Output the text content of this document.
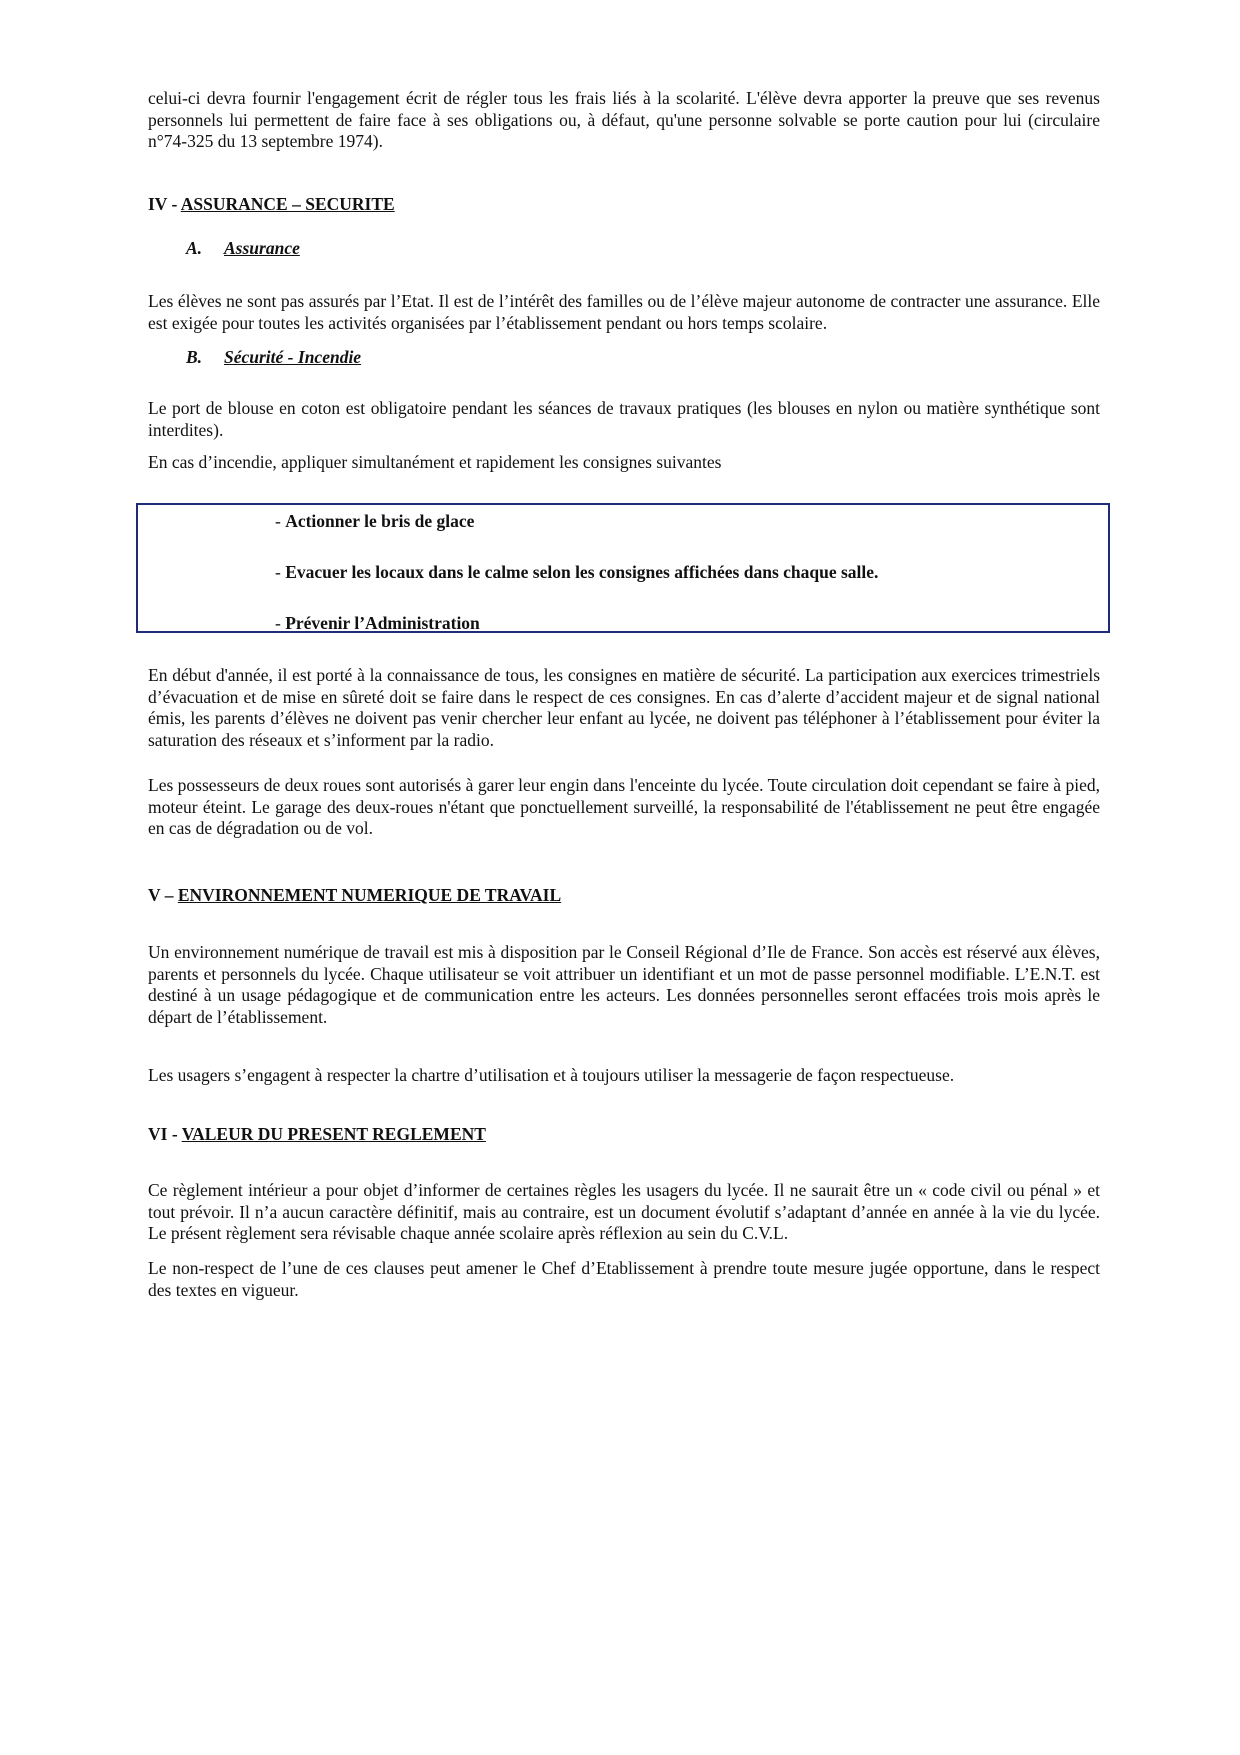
celui-ci devra fournir l'engagement écrit de régler tous les frais liés à la scolarité. L'élève devra apporter la preuve que ses revenus personnels lui permettent de faire face à ses obligations ou, à défaut, qu'une personne solvable se porte caution pour lui (circulaire n°74-325 du 13 septembre 1974).

IV - ASSURANCE – SECURITE
A. Assurance

Les élèves ne sont pas assurés par l’Etat. Il est de l’intérêt des familles ou de l’élève majeur autonome de contracter une assurance. Elle est exigée pour toutes les activités organisées par l’établissement pendant ou hors temps scolaire.

B. Sécurité - Incendie

Le port de blouse en coton est obligatoire pendant les séances de travaux pratiques (les blouses en nylon ou matière synthétique sont interdites).

En cas d’incendie, appliquer simultanément et rapidement les consignes suivantes

- Actionner le bris de glace

- Evacuer les locaux dans le calme selon les consignes affichées dans chaque salle.

- Prévenir l’Administration

En début d'année, il est porté à la connaissance de tous, les consignes en matière de sécurité. La participation aux exercices trimestriels d’évacuation et de mise en sûreté doit se faire dans le respect de ces consignes. En cas d’alerte d’accident majeur et de signal national émis, les parents d’élèves ne doivent pas venir chercher leur enfant au lycée, ne doivent pas téléphoner à l’établissement pour éviter la saturation des réseaux et s’informent par la radio.

Les possesseurs de deux roues sont autorisés à garer leur engin dans l'enceinte du lycée. Toute circulation doit cependant se faire à pied, moteur éteint. Le garage des deux-roues n'étant que ponctuellement surveillé, la responsabilité de l'établissement ne peut être engagée en cas de dégradation ou de vol.

V – ENVIRONNEMENT NUMERIQUE DE TRAVAIL

Un environnement numérique de travail est mis à disposition par le Conseil Régional d’Ile de France. Son accès est réservé aux élèves, parents et personnels du lycée. Chaque utilisateur se voit attribuer un identifiant et un mot de passe personnel modifiable. L’E.N.T. est destiné à un usage pédagogique et de communication entre les acteurs. Les données personnelles seront effacées trois mois après le départ de l’établissement.

Les usagers s’engagent à respecter la chartre d’utilisation et à toujours utiliser la messagerie de façon respectueuse.

VI - VALEUR DU PRESENT REGLEMENT

Ce règlement intérieur a pour objet d’informer de certaines règles les usagers du lycée. Il ne saurait être un « code civil ou pénal » et tout prévoir. Il n’a aucun caractère définitif, mais au contraire, est un document évolutif s’adaptant d’année en année à la vie du lycée. Le présent règlement sera révisable chaque année scolaire après réflexion au sein du C.V.L.

Le non-respect de l’une de ces clauses peut amener le Chef d’Etablissement à prendre toute mesure jugée opportune, dans le respect des textes en vigueur.
